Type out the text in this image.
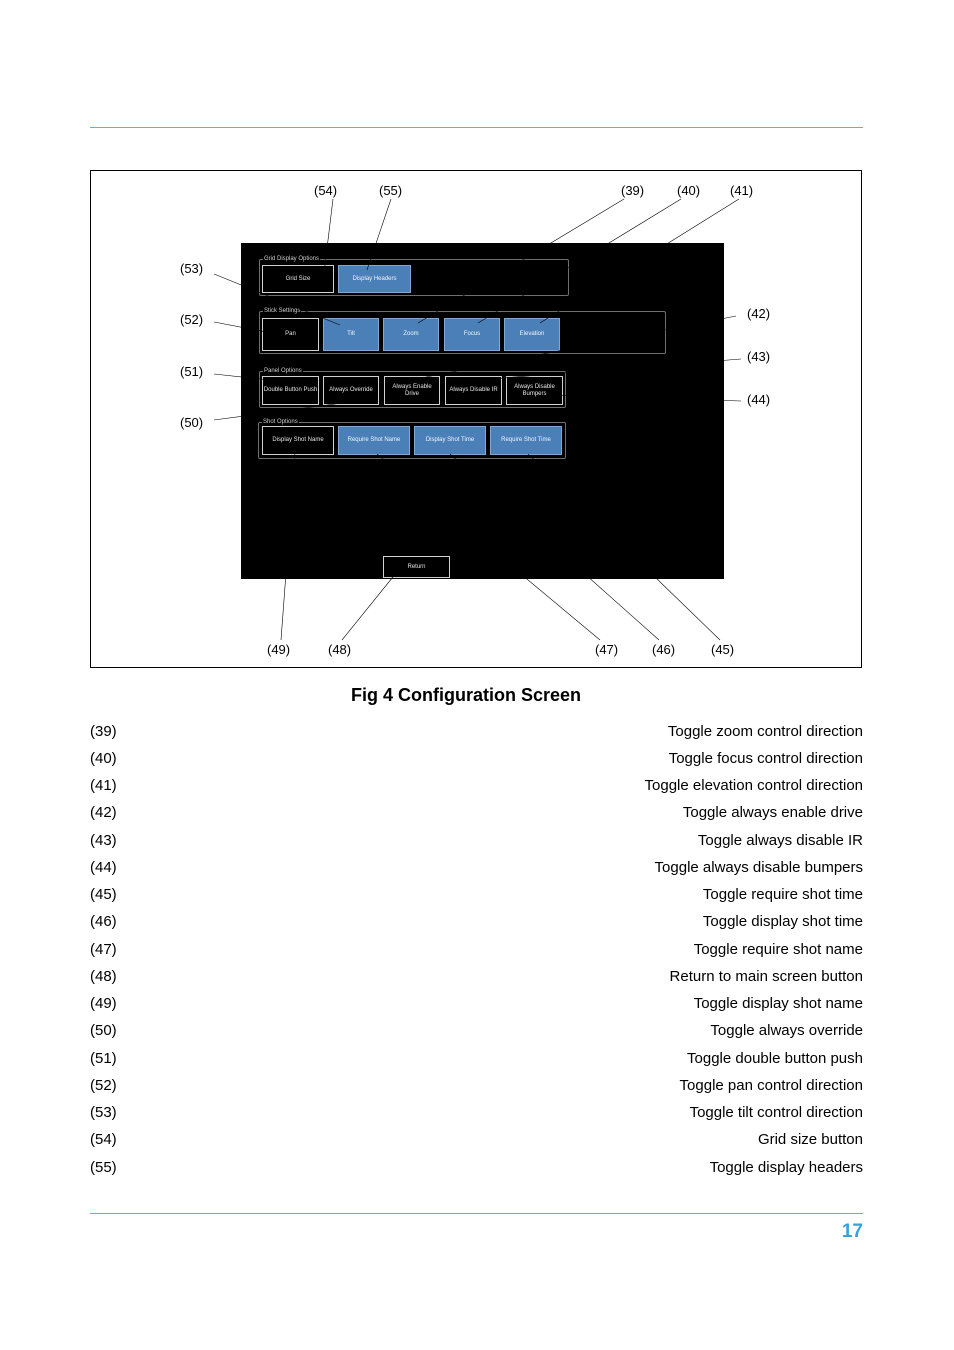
Grid Display Options
Grid Size	Display Headers
Stick Settings
Pan	Tilt	Zoom	Focus	Elevation
Panel Options
Double Button Push	Always Override
Always Enable Drive
Always Disable IR
Always Disable Bumpers
Shot Options
Display Shot Name	Require Shot Name	Display Shot Time	Require Shot Time
Return
(54)	(55)	(39)	(40) (41)
(53)
(52)
(51)
(50)
(42)
(43)
(44)
(49)	(48)	(47)	(46)	(45)
Fig 4 Configuration Screen
(39)	Toggle zoom control direction
(40)	Toggle focus control direction
(41)	Toggle elevation control direction
(42)	Toggle always enable drive
(43)	Toggle always disable IR
(44)	Toggle always disable bumpers
(45)	Toggle require shot time
(46)	Toggle display shot time
(47)	Toggle require shot name
(48)	Return to main screen button
(49)	Toggle display shot name
(50)	Toggle always override
(51)	Toggle double button push
(52)	Toggle pan control direction
(53)	Toggle tilt control direction
(54)	Grid size button
(55)	Toggle display headers
17
